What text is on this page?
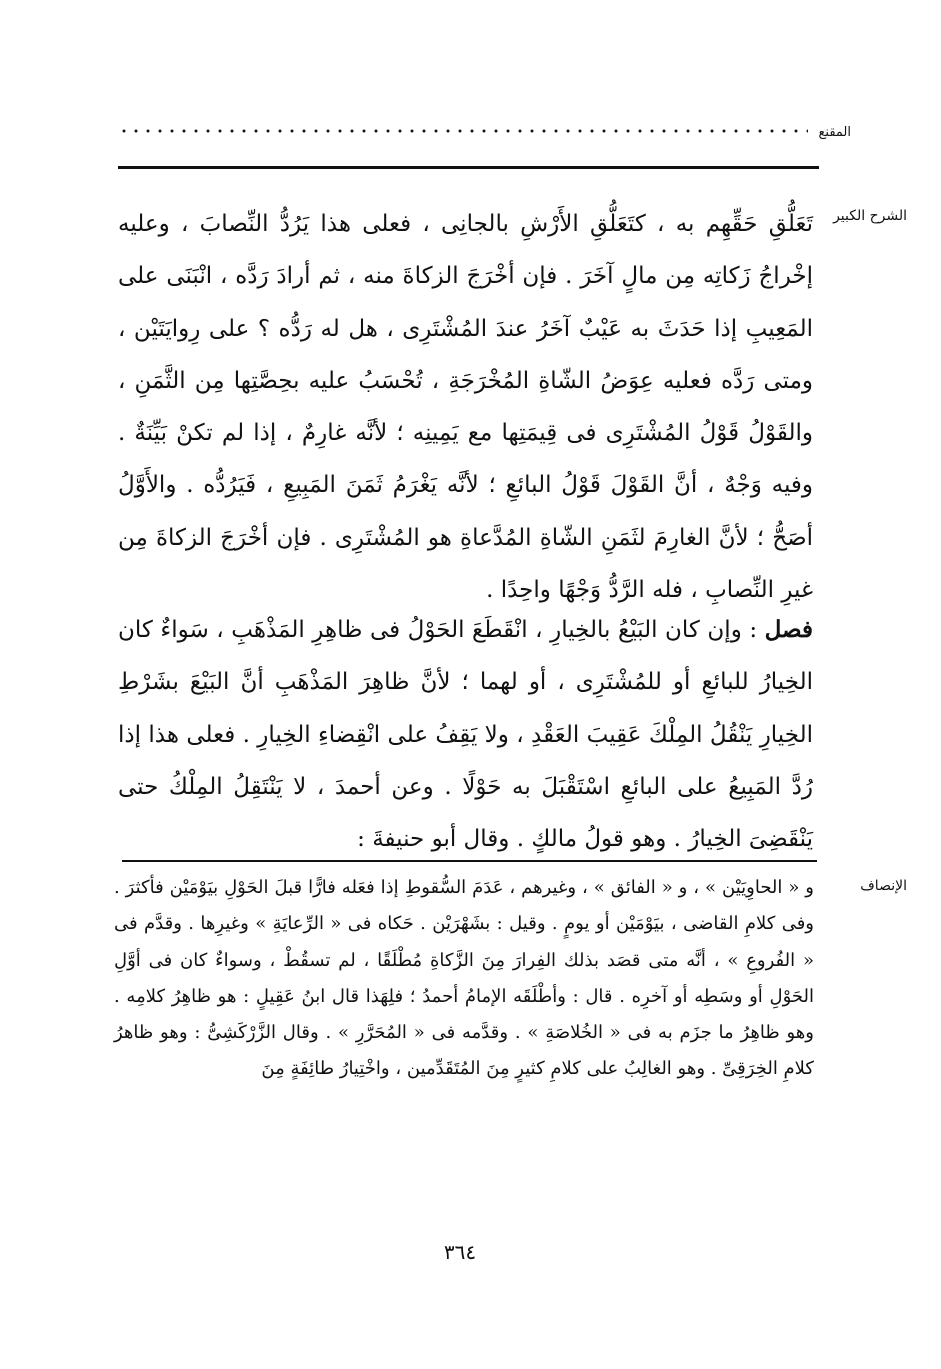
المقنع
الشرح الكبير

تَعَلُّقِ حَقِّهِم به ، كتَعَلُّقِ الأَرْشِ بالجانِى ، فعلى هذا يَرُدُّ النِّصابَ ، وعليه إخْراجُ زَكاتِه مِن مالٍ آخَرَ . فإن أخْرَجَ الزكاةَ منه ، ثم أرادَ رَدَّه ، انْبَنَى على المَعِيبِ إذا حَدَثَ به عَيْبٌ آخَرُ عندَ المُشْتَرِى ، هل له رَدُّه ؟ على رِوايَتَيْن ، ومتى رَدَّه فعليه عِوَضُ الشّاةِ المُخْرَجَةِ ، تُحْسَبُ عليه بحِصَّتِها مِن الثَّمَنِ ، والقَوْلُ قَوْلُ المُشْتَرِى فى قِيمَتِها مع يَمِينِه ؛ لأنَّه غارِمٌ ، إذا لم تكنْ بَيِّنَةٌ . وفيه وَجْهٌ ، أنَّ القَوْلَ قَوْلُ البائعِ ؛ لأنَّه يَغْرَمُ ثَمَنَ المَبِيعِ ، فَيَرُدُّه . والأَوَّلُ أصَحُّ ؛ لأنَّ الغارِمَ لثَمَنِ الشّاةِ المُدَّعاةِ هو المُشْتَرِى . فإن أخْرَجَ الزكاةَ مِن غيرِ النِّصابِ ، فله الرَّدُّ وَجْهًا واحِدًا .

فصل : وإن كان البَيْعُ بالخِيارِ ، انْقَطَعَ الحَوْلُ فى ظاهِرِ المَذْهَبِ ، سَواءٌ كان الخِيارُ للبائعِ أو للمُشْتَرِى ، أو لهما ؛ لأنَّ ظاهِرَ المَذْهَبِ أنَّ البَيْعَ بشَرْطِ الخِيارِ يَنْقُلُ المِلْكَ عَقِيبَ العَقْدِ ، ولا يَقِفُ على انْقِضاءِ الخِيارِ . فعلى هذا إذا رُدَّ المَبِيعُ على البائعِ اسْتَقْبَلَ به حَوْلًا . وعن أحمدَ ، لا يَنْتَقِلُ المِلْكُ حتى يَنْقَضِىَ الخِيارُ . وهو قولُ مالكٍ . وقال أبو حنيفةَ :

الإنصاف

و « الحاوِيَيْن » ، و « الفائق » ، وغيرهم ، عَدَمَ السُّقوطِ إذا فعَله فارًّا قبلَ الحَوْلِ بيَوْمَيْن فأكثرَ . وفى كلامِ القاضى ، بيَوْمَيْن أو يومٍ . وقيل : بشَهْرَيْن . حَكاه فى « الرِّعايَةِ » وغيرِها . وقدَّم فى « الفُروعِ » ، أنَّه متى قصَد بذلك الفِرارَ مِنَ الزَّكاةِ مُطْلَقًا ، لم تسقُطْ ، وسواءٌ كان فى أوَّلِ الحَوْلِ أو وسَطِه أو آخرِه . قال : وأطْلَقَه الإمامُ أحمدُ ؛ فلِهَذا قال ابنُ عَقِيلٍ : هو ظاهِرُ كلامِه . وهو ظاهِرُ ما جزَم به فى « الخُلاصَةِ » . وقدَّمه فى « المُحَرَّرِ » . وقال الزَّرْكَشِىُّ : وهو ظاهرُ كلامِ الخِرَقِىِّ . وهو الغالِبُ على كلامِ كثيرٍ مِنَ المُتَقَدِّمين ، واخْتِيارُ طائِفَةٍ مِنَ

٣٦٤
